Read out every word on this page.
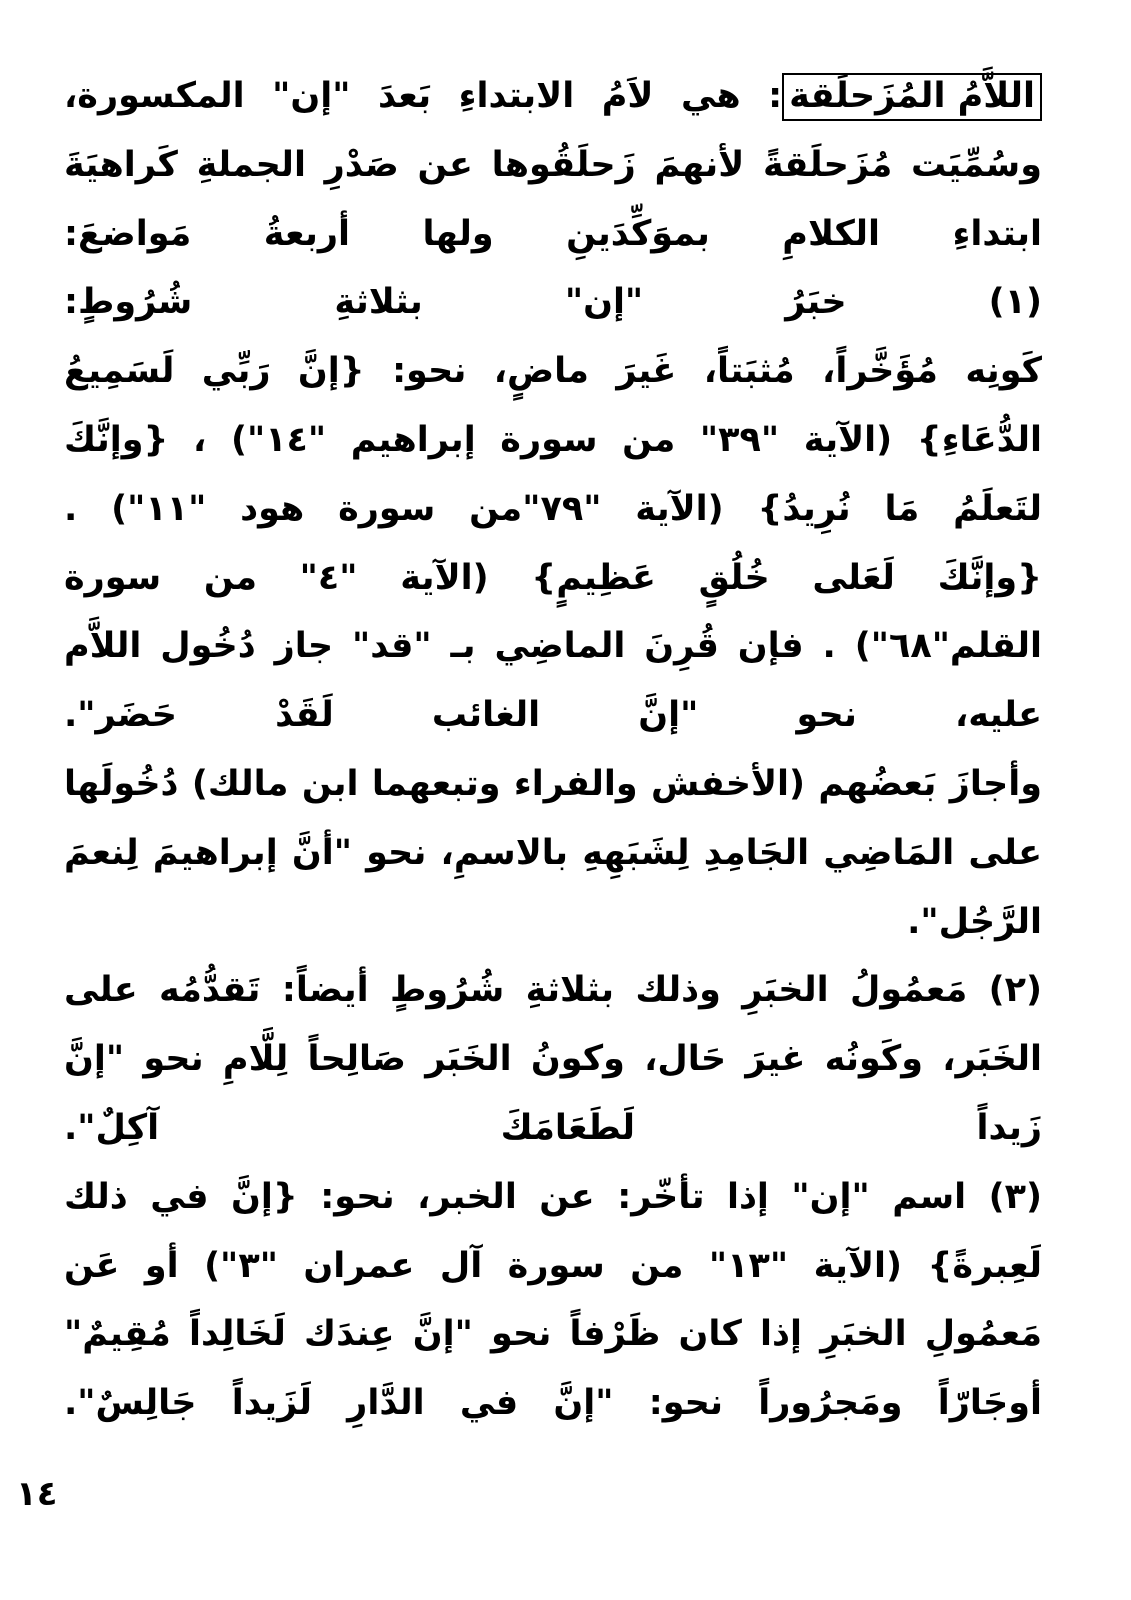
اللاَّمُ المُزَحلَقة: هي لاَمُ الابتداءِ بَعدَ "إن" المكسورة،
وسُمِّيَت مُزَحلَقةً لأنهمَ زَحلَقُوها عن صَدْرِ الجملةِ كَراهيَةَ
ابتداءِ الكلامِ بموَكِّدَينِ ولها أربعةُ مَواضعَ:
(١) خبَرُ "إن" بثلاثةِ شُرُوطٍ:
كَونِه مُؤَخَّراً، مُثبَتاً، غَيرَ ماضٍ، نحو: {إنَّ رَبِّي لَسَمِيعُ
الدُّعَاءِ} (الآية "٣٩" من سورة إبراهيم "١٤") ، {وإنَّكَ
لتَعلَمُ مَا نُرِيدُ} (الآية "٧٩"من سورة هود "١١") .
{وإنَّكَ لَعَلى خُلُقٍ عَظِيمٍ} (الآية "٤" من سورة
القلم"٦٨") . فإن قُرِنَ الماضِي بـ "قد" جاز دُخُول اللاَّم
عليه، نحو "إنَّ الغائب لَقَدْ حَضَر".
وأجازَ بَعضُهم (الأخفش والفراء وتبعهما ابن مالك) دُخُولَها
على المَاضِي الجَامِدِ لِشَبَهِهِ بالاسمِ، نحو "أنَّ إبراهيمَ لِنعمَ
الرَّجُل".
(٢) مَعمُولُ الخبَرِ وذلك بثلاثةِ شُرُوطٍ أيضاً: تَقدُّمُه على
الخَبَر، وكَونُه غيرَ حَال، وكونُ الخَبَر صَالِحاً لِلَّامِ نحو "إنَّ
زَيداً لَطَعَامَكَ آكِلٌ".
(٣) اسم "إن" إذا تأخّر: عن الخبر، نحو: {إنَّ في ذلك
لَعِبرةً} (الآية "١٣" من سورة آل عمران "٣") أو عَن
مَعمُولِ الخبَرِ إذا كان ظَرْفاً نحو "إنَّ عِندَك لَخَالِداً مُقِيمٌ"
أوجَارّاً ومَجرُوراً نحو: "إنَّ في الدَّارِ لَزَيداً جَالِسٌ".
١٤
